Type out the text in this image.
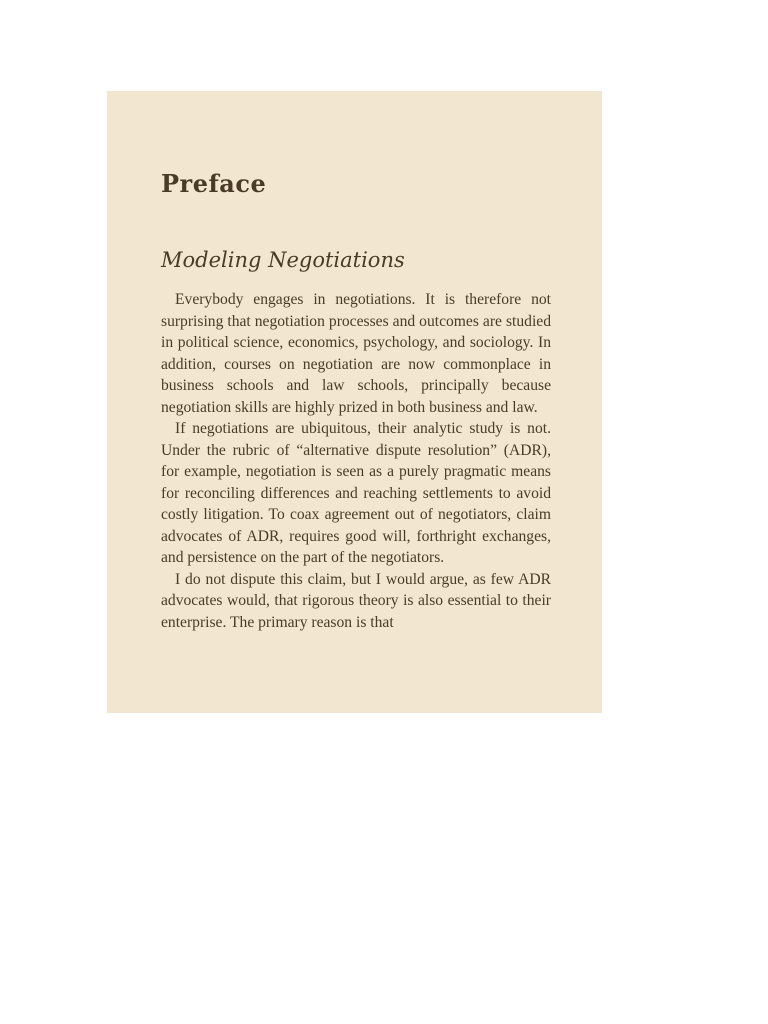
Preface
Modeling Negotiations

Everybody engages in negotiations. It is therefore not surprising that negotiation processes and outcomes are studied in political science, economics, psychology, and sociology. In addition, courses on negotiation are now commonplace in business schools and law schools, principally because negotiation skills are highly prized in both business and law.

If negotiations are ubiquitous, their analytic study is not. Under the rubric of “alternative dispute resolution” (ADR), for example, negotiation is seen as a purely pragmatic means for reconciling differences and reaching settlements to avoid costly litigation. To coax agreement out of negotiators, claim advocates of ADR, requires good will, forthright exchanges, and persistence on the part of the negotiators.

I do not dispute this claim, but I would argue, as few ADR advocates would, that rigorous theory is also essential to their enterprise. The primary reason is that
